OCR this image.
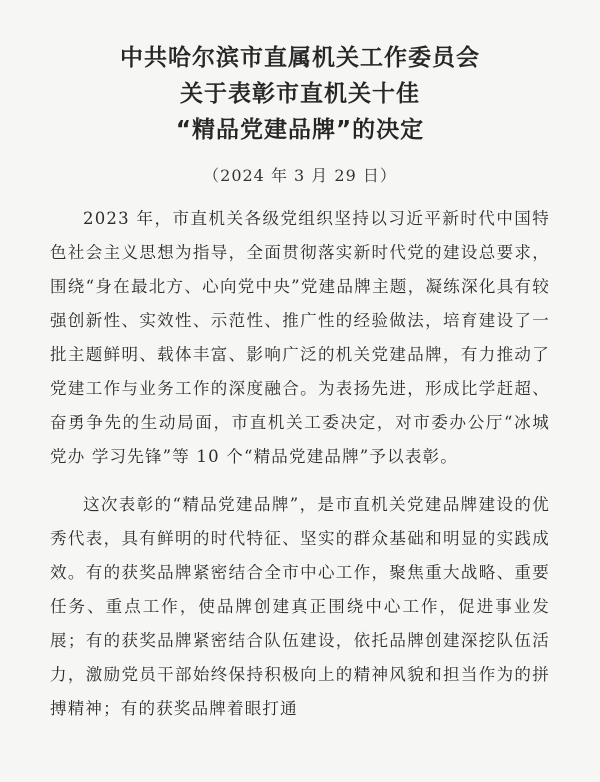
中共哈尔滨市直属机关工作委员会
关于表彰市直机关十佳
“精品党建品牌”的决定
（2024 年 3 月 29 日）

2023 年，市直机关各级党组织坚持以习近平新时代中国特色社会主义思想为指导，全面贯彻落实新时代党的建设总要求，围绕“身在最北方、心向党中央”党建品牌主题，凝练深化具有较强创新性、实效性、示范性、推广性的经验做法，培育建设了一批主题鲜明、载体丰富、影响广泛的机关党建品牌，有力推动了党建工作与业务工作的深度融合。为表扬先进，形成比学赶超、奋勇争先的生动局面，市直机关工委决定，对市委办公厅“冰城党办 学习先锋”等 10 个“精品党建品牌”予以表彰。

这次表彰的“精品党建品牌”，是市直机关党建品牌建设的优秀代表，具有鲜明的时代特征、坚实的群众基础和明显的实践成效。有的获奖品牌紧密结合全市中心工作，聚焦重大战略、重要任务、重点工作，使品牌创建真正围绕中心工作，促进事业发展；有的获奖品牌紧密结合队伍建设，依托品牌创建深挖队伍活力，激励党员干部始终保持积极向上的精神风貌和担当作为的拼搏精神；有的获奖品牌着眼打通
